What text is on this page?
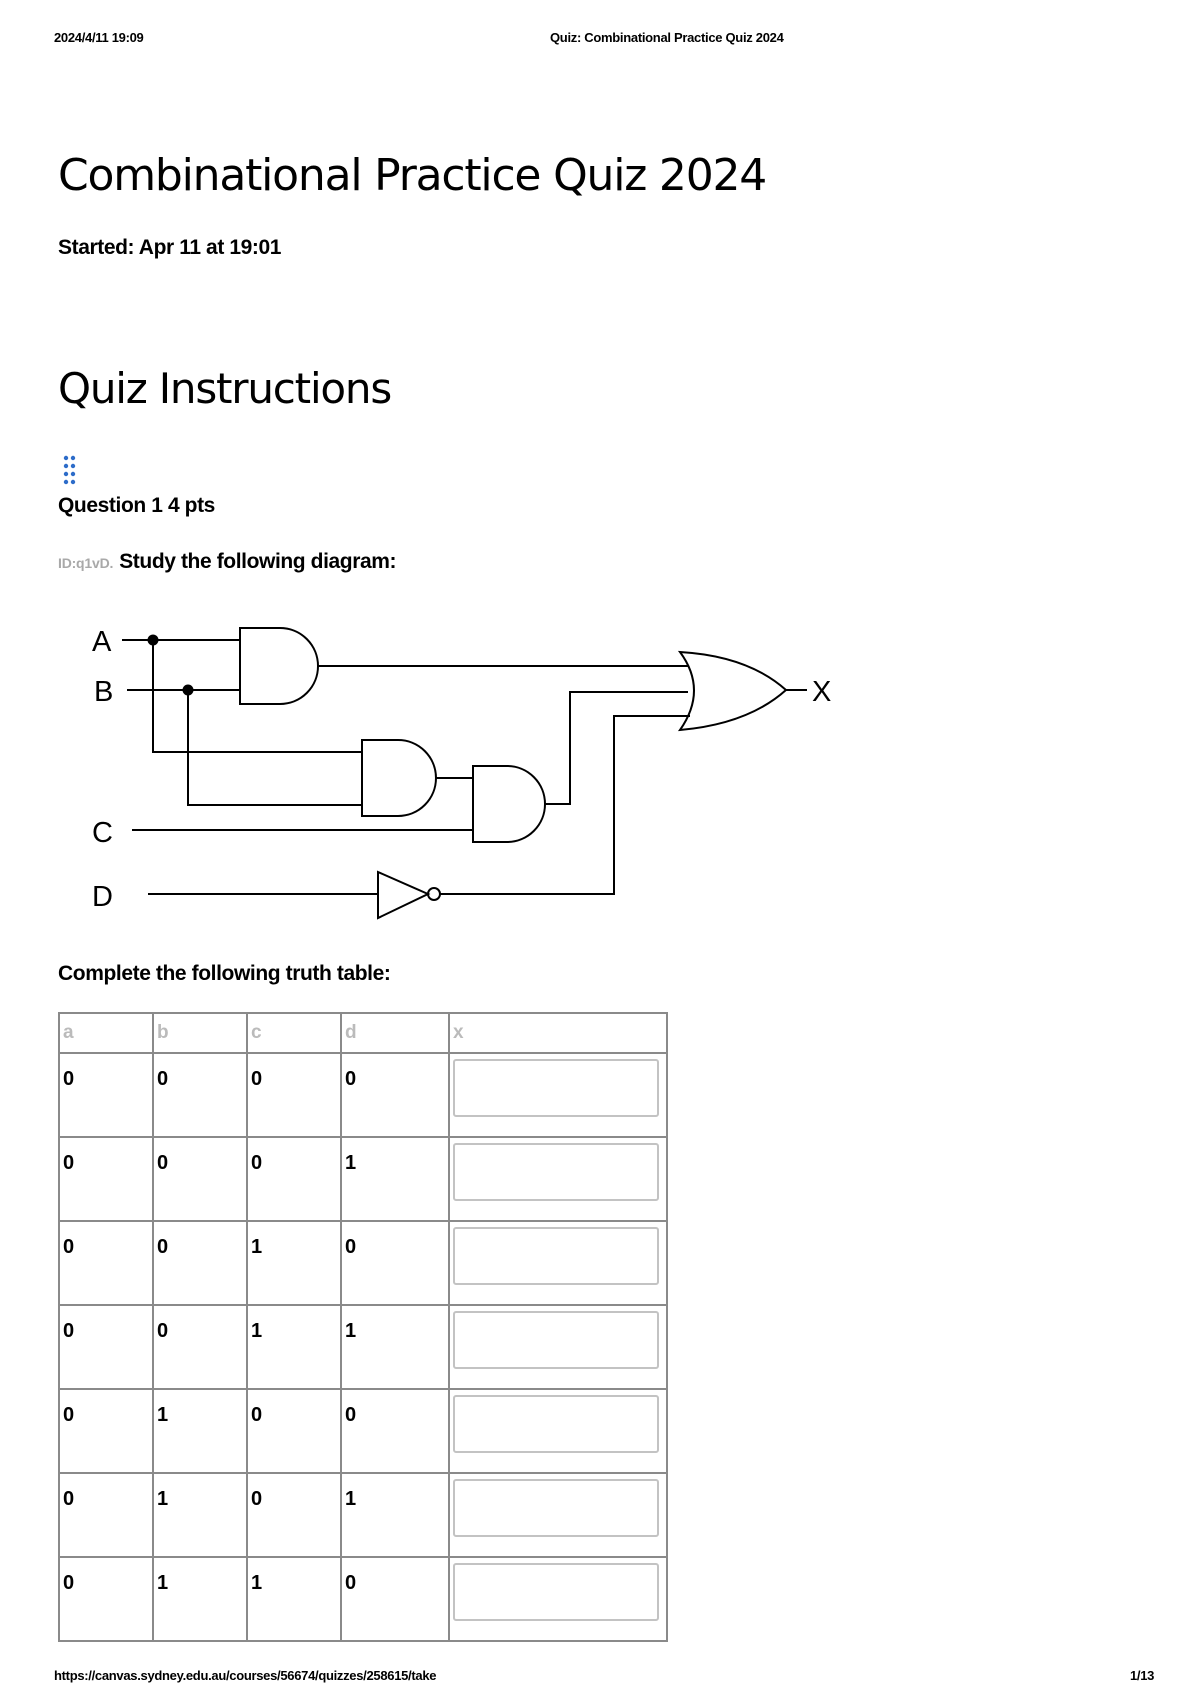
2024/4/11 19:09	Quiz: Combinational Practice Quiz 2024
Combinational Practice Quiz 2024
Started: Apr 11 at 19:01
Quiz Instructions
Question 1 4 pts
ID:q1vD. Study the following diagram:
A
B
C
D
X
Complete the following truth table:
a	b	c	d	x
0	0	0	0	

0	0	0	1	

0	0	1	0	

0	0	1	1	

0	1	0	0	

0	1	0	1	

0	1	1	0	
https://canvas.sydney.edu.au/courses/56674/quizzes/258615/take	1/13
